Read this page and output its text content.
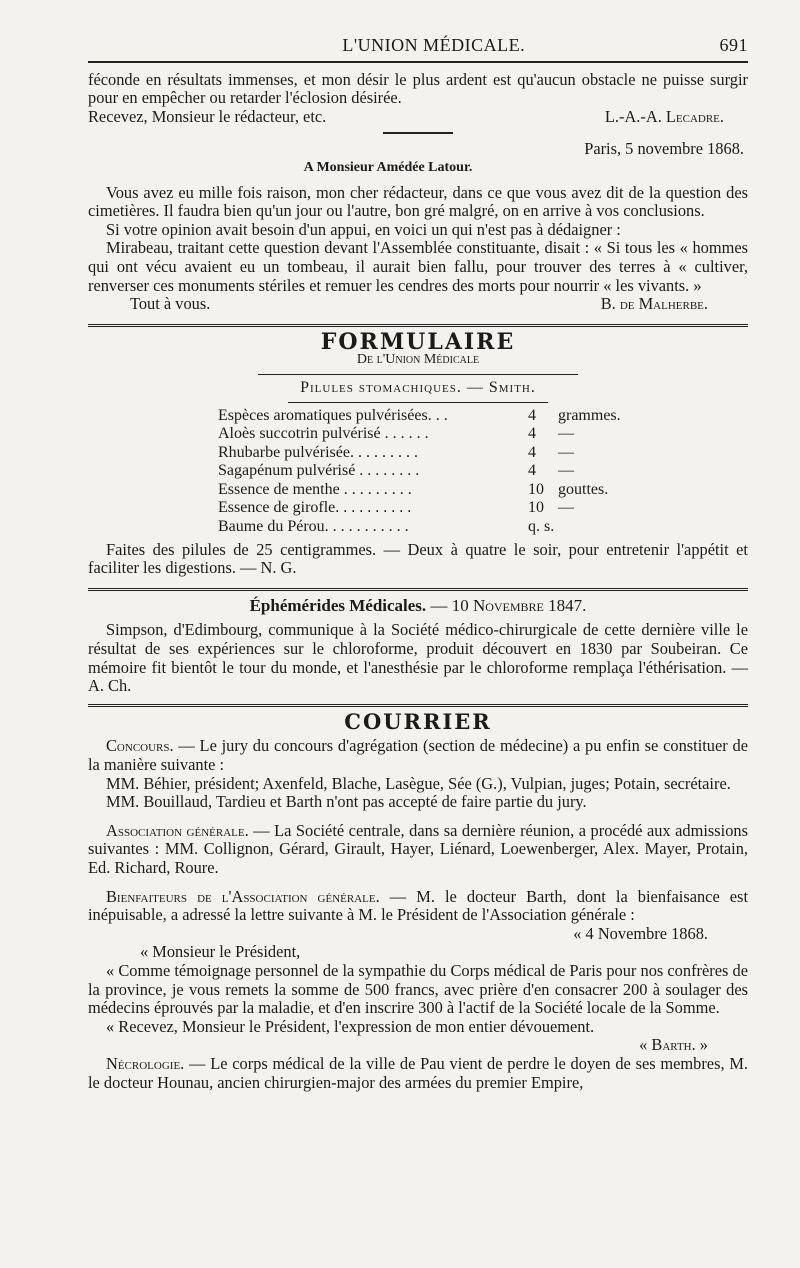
L'UNION MÉDICALE.	691

féconde en résultats immenses, et mon désir le plus ardent est qu'aucun obstacle ne puisse surgir pour en empêcher ou retarder l'éclosion désirée.

Recevez, Monsieur le rédacteur, etc.	L.-A.-A. Lecadre.

Paris, 5 novembre 1868.

A Monsieur Amédée Latour.

Vous avez eu mille fois raison, mon cher rédacteur, dans ce que vous avez dit de la question des cimetières. Il faudra bien qu'un jour ou l'autre, bon gré malgré, on en arrive à vos conclusions.

Si votre opinion avait besoin d'un appui, en voici un qui n'est pas à dédaigner :

Mirabeau, traitant cette question devant l'Assemblée constituante, disait : « Si tous les « hommes qui ont vécu avaient eu un tombeau, il aurait bien fallu, pour trouver des terres à « cultiver, renverser ces monuments stériles et remuer les cendres des morts pour nourrir « les vivants. »

Tout à vous.	B. de Malherbe.
FORMULAIRE
De l'Union Médicale
Pilules stomachiques. — Smith.
Espèces aromatiques pulvérisées. . .	4	grammes.
Aloès succotrin pulvérisé . . . . . .	4	—
Rhubarbe pulvérisée. . . . . . . . .	4	—
Sagapénum pulvérisé . . . . . . . .	4	—
Essence de menthe . . . . . . . . .	10	gouttes.
Essence de girofle. . . . . . . . . .	10	—
Baume du Pérou. . . . . . . . . . .	q. s.	

Faites des pilules de 25 centigrammes. — Deux à quatre le soir, pour entretenir l'appétit et faciliter les digestions. — N. G.

Éphémérides Médicales. — 10 Novembre 1847.

Simpson, d'Edimbourg, communique à la Société médico-chirurgicale de cette dernière ville le résultat de ses expériences sur le chloroforme, produit découvert en 1830 par Soubeiran. Ce mémoire fit bientôt le tour du monde, et l'anesthésie par le chloroforme remplaça l'éthérisation. — A. Ch.

COURRIER

Concours. — Le jury du concours d'agrégation (section de médecine) a pu enfin se constituer de la manière suivante :

MM. Béhier, président; Axenfeld, Blache, Lasègue, Sée (G.), Vulpian, juges; Potain, secrétaire.

MM. Bouillaud, Tardieu et Barth n'ont pas accepté de faire partie du jury.

Association générale. — La Société centrale, dans sa dernière réunion, a procédé aux admissions suivantes : MM. Collignon, Gérard, Girault, Hayer, Liénard, Loewenberger, Alex. Mayer, Protain, Ed. Richard, Roure.

Bienfaiteurs de l'Association générale. — M. le docteur Barth, dont la bienfaisance est inépuisable, a adressé la lettre suivante à M. le Président de l'Association générale :

« 4 Novembre 1868.

« Monsieur le Président,

« Comme témoignage personnel de la sympathie du Corps médical de Paris pour nos confrères de la province, je vous remets la somme de 500 francs, avec prière d'en consacrer 200 à soulager des médecins éprouvés par la maladie, et d'en inscrire 300 à l'actif de la Société locale de la Somme.

« Recevez, Monsieur le Président, l'expression de mon entier dévouement.

« Barth. »

Nécrologie. — Le corps médical de la ville de Pau vient de perdre le doyen de ses membres, M. le docteur Hounau, ancien chirurgien-major des armées du premier Empire,
